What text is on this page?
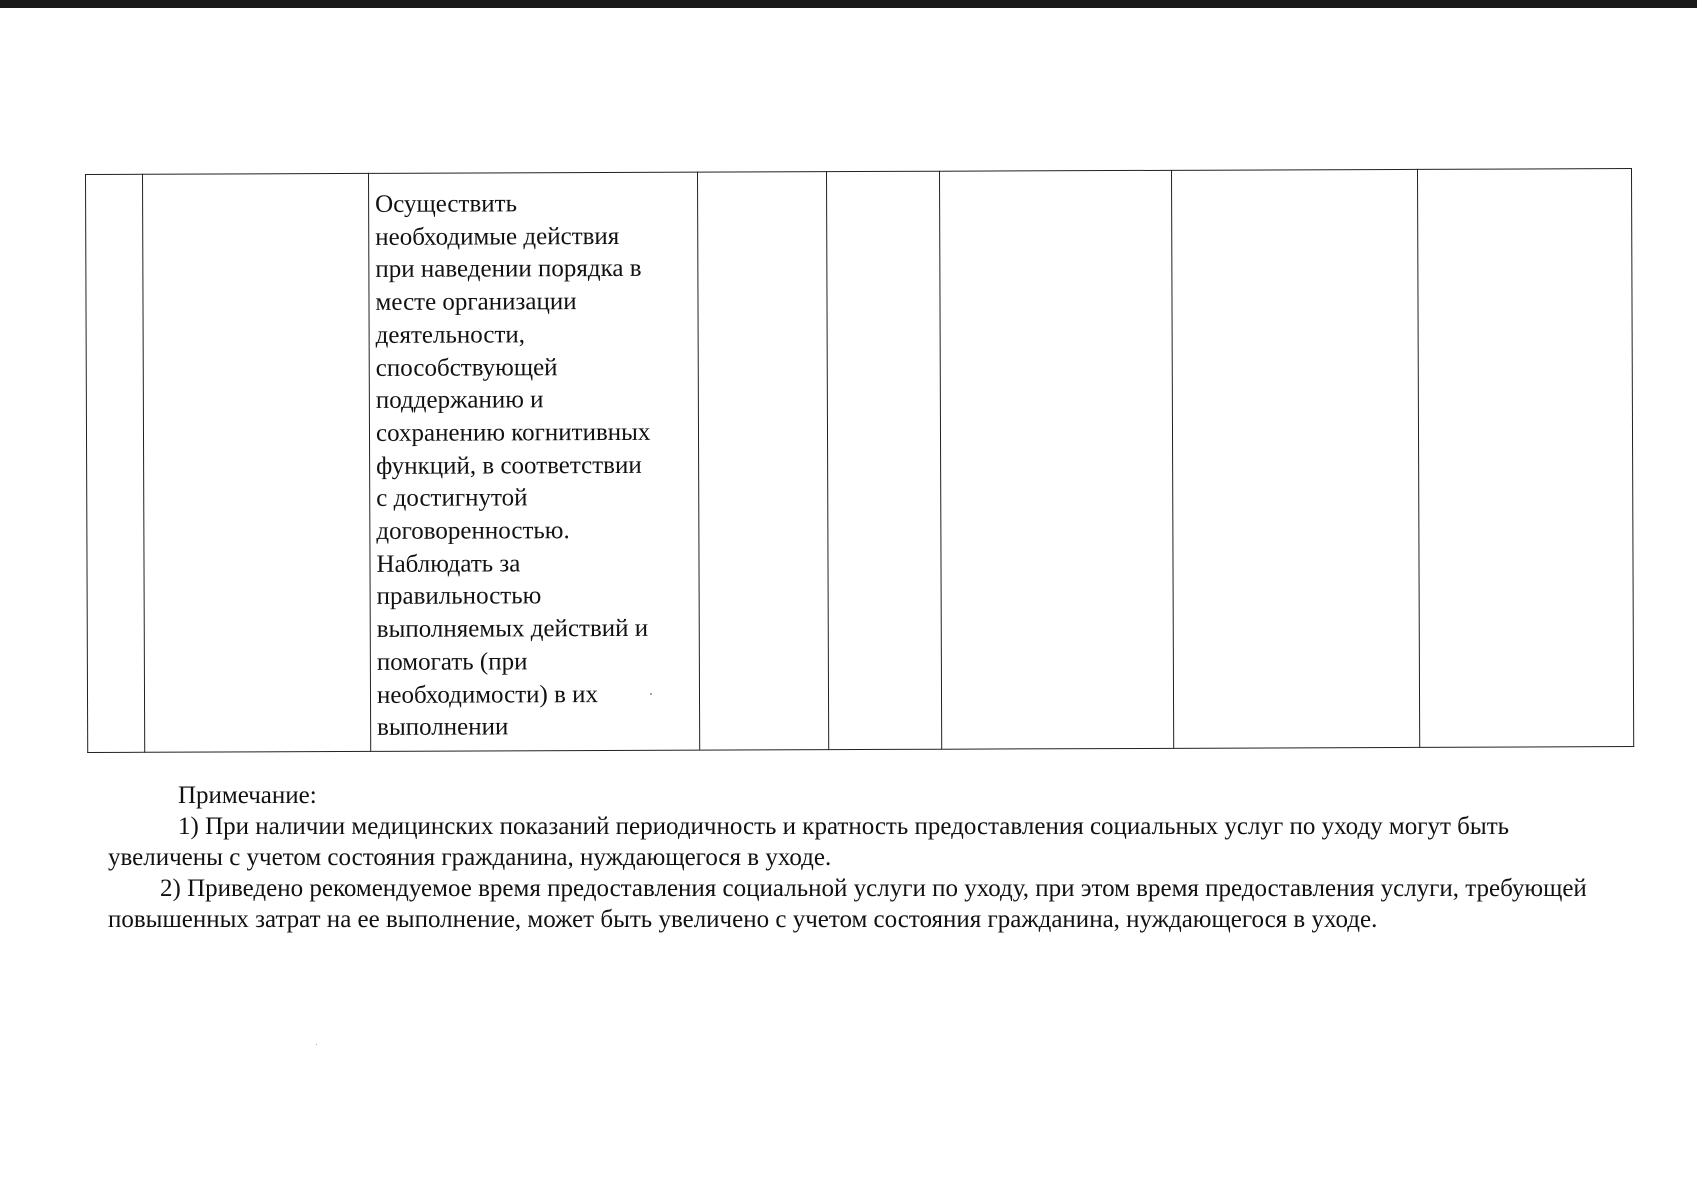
		Осуществить
необходимые действия
при наведении порядка в
месте организации
деятельности,
способствующей
поддержанию и
сохранению когнитивных
функций, в соответствии
с достигнутой
договоренностью.
Наблюдать за
правильностью
выполняемых действий и
помогать (при
необходимости) в их
выполнении					

Примечание:

1) При наличии медицинских показаний периодичность и кратность предоставления социальных услуг по уходу могут быть увеличены с учетом состояния гражданина, нуждающегося в уходе.

2) Приведено рекомендуемое время предоставления социальной услуги по уходу, при этом время предоставления услуги, требующей повышенных затрат на ее выполнение, может быть увеличено с учетом состояния гражданина, нуждающегося в уходе.
